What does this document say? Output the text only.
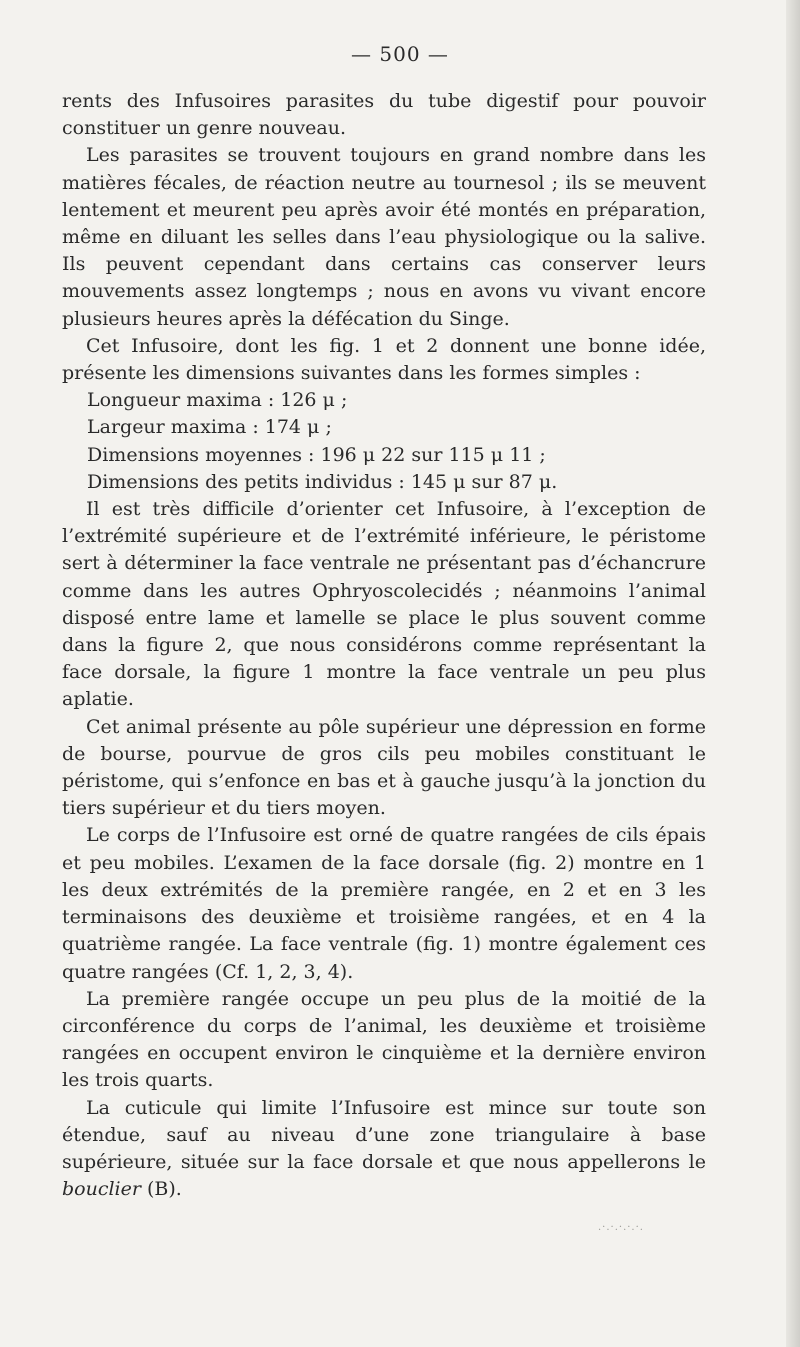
— 500 —

rents des Infusoires parasites du tube digestif pour pouvoir constituer un genre nouveau.

Les parasites se trouvent toujours en grand nombre dans les matières fécales, de réaction neutre au tournesol ; ils se meuvent lentement et meurent peu après avoir été montés en préparation, même en diluant les selles dans l’eau physiologique ou la salive. Ils peuvent cependant dans certains cas conserver leurs mouvements assez longtemps ; nous en avons vu vivant encore plusieurs heures après la défécation du Singe.

Cet Infusoire, dont les fig. 1 et 2 donnent une bonne idée, présente les dimensions suivantes dans les formes simples :

Longueur maxima : 126 μ ;
Largeur maxima : 174 μ ;
Dimensions moyennes : 196 μ 22 sur 115 μ 11 ;
Dimensions des petits individus : 145 μ sur 87 μ.

Il est très difficile d’orienter cet Infusoire, à l’exception de l’extrémité supérieure et de l’extrémité inférieure, le péristome sert à déterminer la face ventrale ne présentant pas d’échancrure comme dans les autres Ophryoscolecidés ; néanmoins l’animal disposé entre lame et lamelle se place le plus souvent comme dans la figure 2, que nous considérons comme représentant la face dorsale, la figure 1 montre la face ventrale un peu plus aplatie.

Cet animal présente au pôle supérieur une dépression en forme de bourse, pourvue de gros cils peu mobiles constituant le péristome, qui s’enfonce en bas et à gauche jusqu’à la jonction du tiers supérieur et du tiers moyen.

Le corps de l’Infusoire est orné de quatre rangées de cils épais et peu mobiles. L’examen de la face dorsale (fig. 2) montre en 1 les deux extrémités de la première rangée, en 2 et en 3 les terminaisons des deuxième et troisième rangées, et en 4 la quatrième rangée. La face ventrale (fig. 1) montre également ces quatre rangées (Cf. 1, 2, 3, 4).

La première rangée occupe un peu plus de la moitié de la circonférence du corps de l’animal, les deuxième et troisième rangées en occupent environ le cinquième et la dernière environ les trois quarts.

La cuticule qui limite l’Infusoire est mince sur toute son étendue, sauf au niveau d’une zone triangulaire à base supérieure, située sur la face dorsale et que nous appellerons le bouclier (B).

.·.·.·.·.·.
